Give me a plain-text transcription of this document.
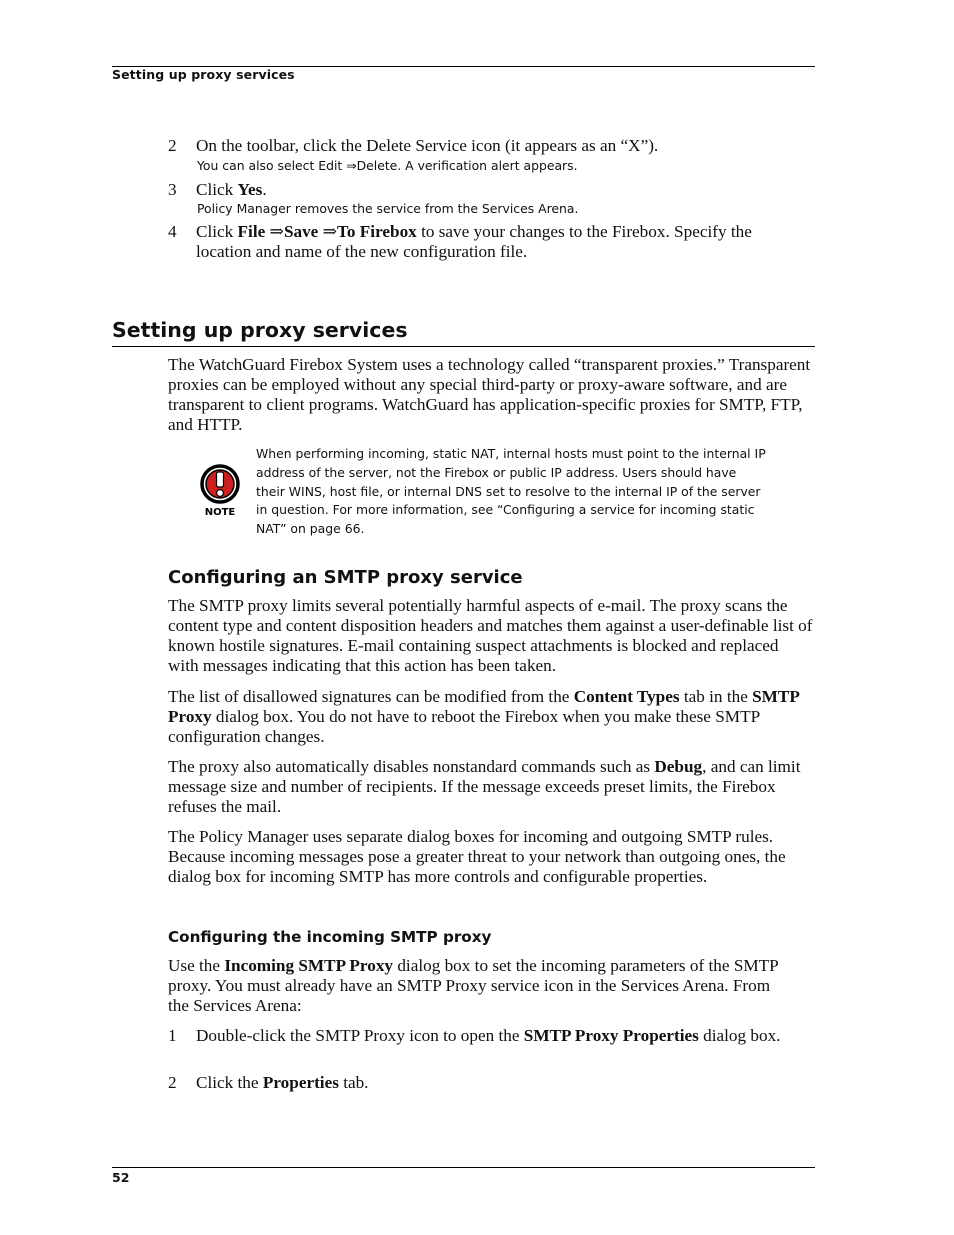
Setting up proxy services
2 On the toolbar, click the Delete Service icon (it appears as an “X”).
You can also select Edit ⇒Delete. A verification alert appears.
3 Click Yes.
Policy Manager removes the service from the Services Arena.
4 Click File ⇒Save ⇒To Firebox to save your changes to the Firebox. Specify the location and name of the new configuration file.
Setting up proxy services
The WatchGuard Firebox System uses a technology called “transparent proxies.” Transparent proxies can be employed without any special third-party or proxy-aware software, and are transparent to client programs. WatchGuard has application-specific proxies for SMTP, FTP, and HTTP.
NOTE
When performing incoming, static NAT, internal hosts must point to the internal IP address of the server, not the Firebox or public IP address. Users should have their WINS, host file, or internal DNS set to resolve to the internal IP of the server in question. For more information, see “Configuring a service for incoming static NAT” on page 66.
Configuring an SMTP proxy service
The SMTP proxy limits several potentially harmful aspects of e-mail. The proxy scans the content type and content disposition headers and matches them against a user-definable list of known hostile signatures. E-mail containing suspect attachments is blocked and replaced with messages indicating that this action has been taken.
The list of disallowed signatures can be modified from the Content Types tab in the SMTP Proxy dialog box. You do not have to reboot the Firebox when you make these SMTP configuration changes.
The proxy also automatically disables nonstandard commands such as Debug, and can limit message size and number of recipients. If the message exceeds preset limits, the Firebox refuses the mail.
The Policy Manager uses separate dialog boxes for incoming and outgoing SMTP rules. Because incoming messages pose a greater threat to your network than outgoing ones, the dialog box for incoming SMTP has more controls and configurable properties.
Configuring the incoming SMTP proxy
Use the Incoming SMTP Proxy dialog box to set the incoming parameters of the SMTP proxy. You must already have an SMTP Proxy service icon in the Services Arena. From the Services Arena:
1 Double-click the SMTP Proxy icon to open the SMTP Proxy Properties dialog box.
2 Click the Properties tab.
52
